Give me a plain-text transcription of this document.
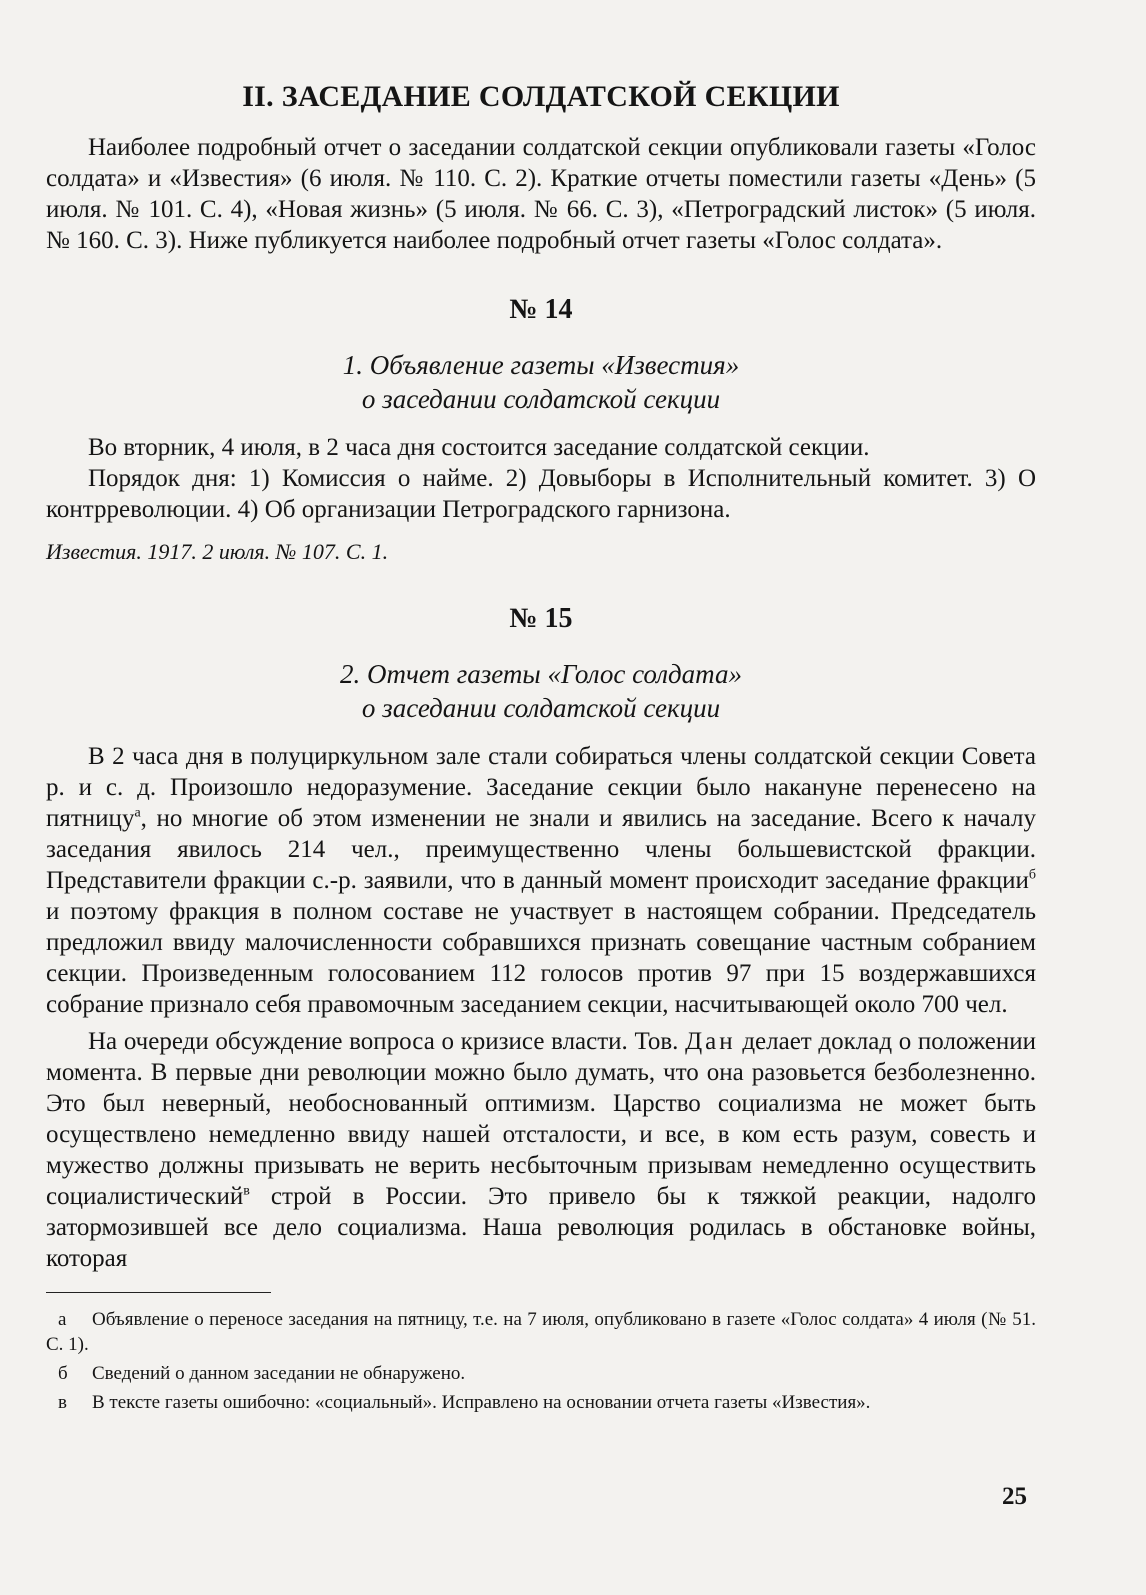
II. ЗАСЕДАНИЕ СОЛДАТСКОЙ СЕКЦИИ

Наиболее подробный отчет о заседании солдатской секции опубликовали газеты «Голос солдата» и «Известия» (6 июля. № 110. С. 2). Краткие отчеты поместили газеты «День» (5 июля. № 101. С. 4), «Новая жизнь» (5 июля. № 66. С. 3), «Петроградский листок» (5 июля. № 160. С. 3). Ниже публикуется наиболее подробный отчет газеты «Голос солдата».

№ 14
1. Объявление газеты «Известия»
о заседании солдатской секции

Во вторник, 4 июля, в 2 часа дня состоится заседание солдатской секции.

Порядок дня: 1) Комиссия о найме. 2) Довыборы в Исполнительный комитет. 3) О контрреволюции. 4) Об организации Петроградского гарнизона.

Известия. 1917. 2 июля. № 107. С. 1.

№ 15
2. Отчет газеты «Голос солдата»
о заседании солдатской секции

В 2 часа дня в полуциркульном зале стали собираться члены солдатской секции Совета р. и с. д. Произошло недоразумение. Заседание секции было накануне перенесено на пятницу$^а$, но многие об этом изменении не знали и явились на заседание. Всего к началу заседания явилось 214 чел., преимущественно члены большевистской фракции. Представители фракции с.-р. заявили, что в данный момент происходит заседание фракции$^б$ и поэтому фракция в полном составе не участвует в настоящем собрании. Председатель предложил ввиду малочисленности собравшихся признать совещание частным собранием секции. Произведенным голосованием 112 голосов против 97 при 15 воздержавшихся собрание признало себя правомочным заседанием секции, насчитывающей около 700 чел.

На очереди обсуждение вопроса о кризисе власти. Тов. Дан делает доклад о положении момента. В первые дни революции можно было думать, что она разовьется безболезненно. Это был неверный, необоснованный оптимизм. Царство социализма не может быть осуществлено немедленно ввиду нашей отсталости, и все, в ком есть разум, совесть и мужество должны призывать не верить несбыточным призывам немедленно осуществить социалистический$^в$ строй в России. Это привело бы к тяжкой реакции, надолго затормозившей все дело социализма. Наша революция родилась в обстановке войны, которая

а Объявление о переносе заседания на пятницу, т.е. на 7 июля, опубликовано в газете «Голос солдата» 4 июля (№ 51. С. 1).

б Сведений о данном заседании не обнаружено.

в В тексте газеты ошибочно: «социальный». Исправлено на основании отчета газеты «Известия».

25
